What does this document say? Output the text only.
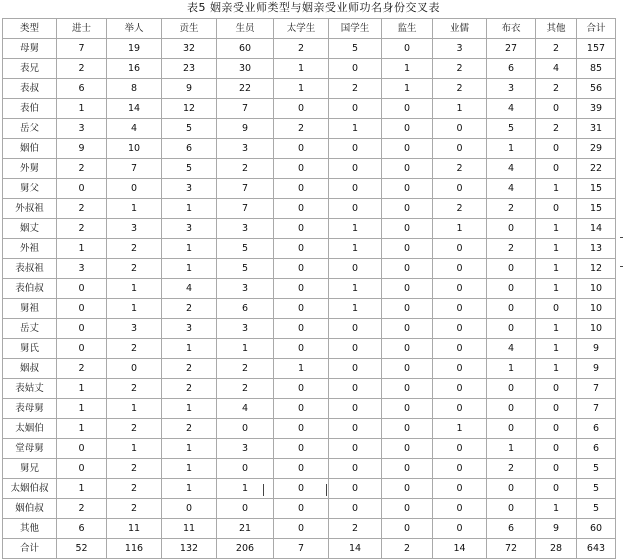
表5 姻亲受业师类型与姻亲受业师功名身份交叉表
类型	进士	举人	贡生	生员	太学生	国学生	监生	业儒	布衣	其他	合计
母舅	7	19	32	60	2	5	0	3	27	2	157
表兄	2	16	23	30	1	0	1	2	6	4	85
表叔	6	8	9	22	1	2	1	2	3	2	56
表伯	1	14	12	7	0	0	0	1	4	0	39
岳父	3	4	5	9	2	1	0	0	5	2	31
姻伯	9	10	6	3	0	0	0	0	1	0	29
外舅	2	7	5	2	0	0	0	2	4	0	22
舅父	0	0	3	7	0	0	0	0	4	1	15
外叔祖	2	1	1	7	0	0	0	2	2	0	15
姻丈	2	3	3	3	0	1	0	1	0	1	14
外祖	1	2	1	5	0	1	0	0	2	1	13
表叔祖	3	2	1	5	0	0	0	0	0	1	12
表伯叔	0	1	4	3	0	1	0	0	0	1	10
舅祖	0	1	2	6	0	1	0	0	0	0	10
岳丈	0	3	3	3	0	0	0	0	0	1	10
舅氏	0	2	1	1	0	0	0	0	4	1	9
姻叔	2	0	2	2	1	0	0	0	1	1	9
表姑丈	1	2	2	2	0	0	0	0	0	0	7
表母舅	1	1	1	4	0	0	0	0	0	0	7
太姻伯	1	2	2	0	0	0	0	1	0	0	6
堂母舅	0	1	1	3	0	0	0	0	1	0	6
舅兄	0	2	1	0	0	0	0	0	2	0	5
太姻伯叔	1	2	1	1	0	0	0	0	0	0	5
姻伯叔	2	2	0	0	0	0	0	0	0	1	5
其他	6	11	11	21	0	2	0	0	6	9	60
合计	52	116	132	206	7	14	2	14	72	28	643
